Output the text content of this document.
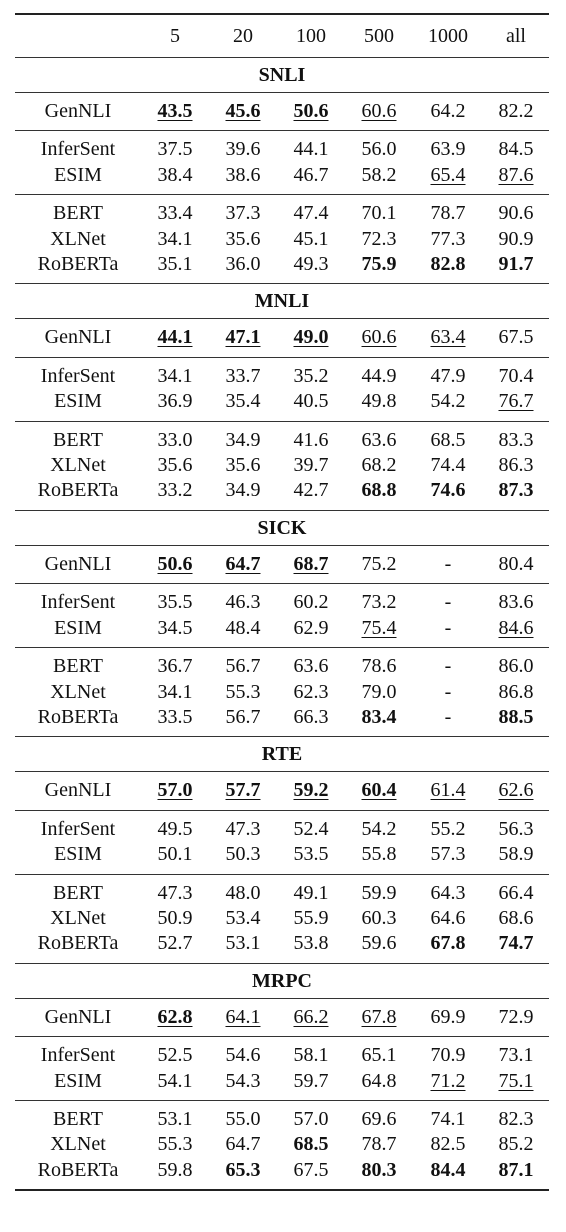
	5	20	100	500	1000	all
SNLI						

GenNLI	43.5	45.6	50.6	60.6	64.2	82.2

InferSent	37.5	39.6	44.1	56.0	63.9	84.5
ESIM	38.4	38.6	46.7	58.2	65.4	87.6

BERT	33.4	37.3	47.4	70.1	78.7	90.6
XLNet	34.1	35.6	45.1	72.3	77.3	90.9
RoBERTa	35.1	36.0	49.3	75.9	82.8	91.7

MNLI						

GenNLI	44.1	47.1	49.0	60.6	63.4	67.5

InferSent	34.1	33.7	35.2	44.9	47.9	70.4
ESIM	36.9	35.4	40.5	49.8	54.2	76.7

BERT	33.0	34.9	41.6	63.6	68.5	83.3
XLNet	35.6	35.6	39.7	68.2	74.4	86.3
RoBERTa	33.2	34.9	42.7	68.8	74.6	87.3

SICK						

GenNLI	50.6	64.7	68.7	75.2	-	80.4

InferSent	35.5	46.3	60.2	73.2	-	83.6
ESIM	34.5	48.4	62.9	75.4	-	84.6

BERT	36.7	56.7	63.6	78.6	-	86.0
XLNet	34.1	55.3	62.3	79.0	-	86.8
RoBERTa	33.5	56.7	66.3	83.4	-	88.5

RTE						

GenNLI	57.0	57.7	59.2	60.4	61.4	62.6

InferSent	49.5	47.3	52.4	54.2	55.2	56.3
ESIM	50.1	50.3	53.5	55.8	57.3	58.9

BERT	47.3	48.0	49.1	59.9	64.3	66.4
XLNet	50.9	53.4	55.9	60.3	64.6	68.6
RoBERTa	52.7	53.1	53.8	59.6	67.8	74.7

MRPC						

GenNLI	62.8	64.1	66.2	67.8	69.9	72.9

InferSent	52.5	54.6	58.1	65.1	70.9	73.1
ESIM	54.1	54.3	59.7	64.8	71.2	75.1

BERT	53.1	55.0	57.0	69.6	74.1	82.3
XLNet	55.3	64.7	68.5	78.7	82.5	85.2
RoBERTa	59.8	65.3	67.5	80.3	84.4	87.1
